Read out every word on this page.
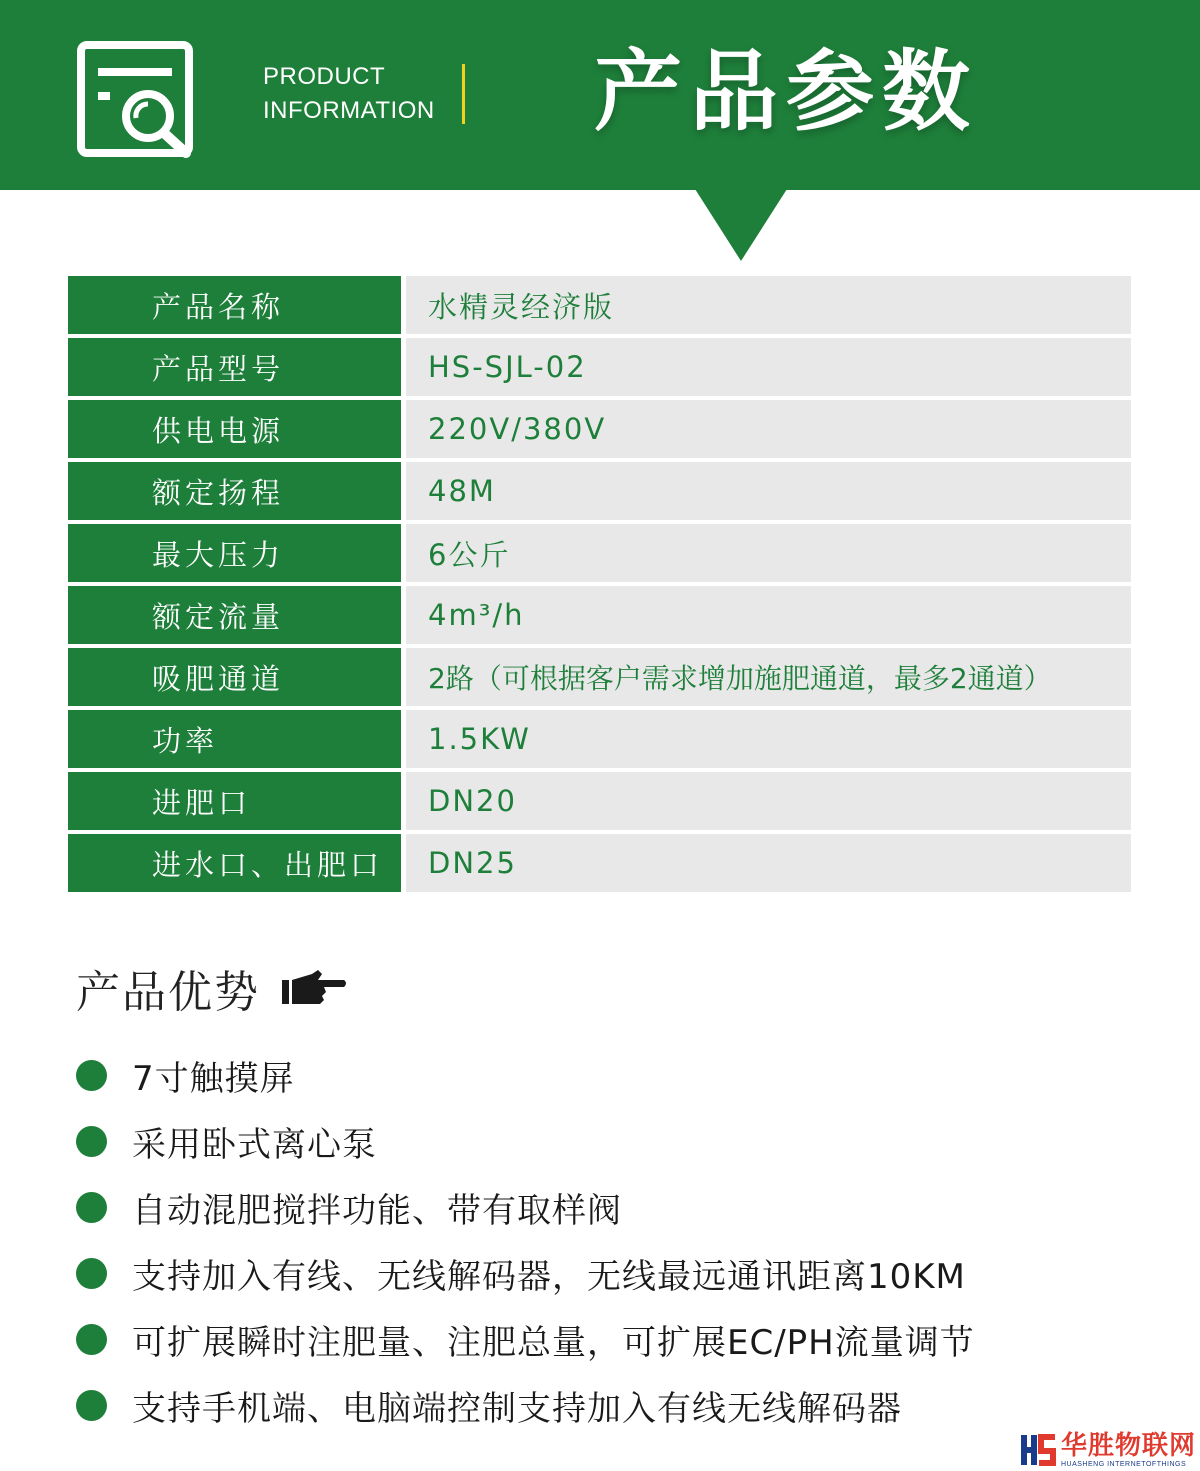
PRODUCT
INFORMATION 产品参数
产品名称	水精灵经济版
产品型号	HS-SJL-02
供电电源	220V/380V
额定扬程	48M
最大压力	6公斤
额定流量	4m³/h
吸肥通道	2路（可根据客户需求增加施肥通道，最多2通道）
功率	1.5KW
进肥口	DN20
进水口、出肥口	DN25
产品优势
7寸触摸屏
采用卧式离心泵
自动混肥搅拌功能、带有取样阀
支持加入有线、无线解码器，无线最远通讯距离10KM
可扩展瞬时注肥量、注肥总量，可扩展EC/PH流量调节
支持手机端、电脑端控制支持加入有线无线解码器
华胜物联网
HUASHENG INTERNETOFTHINGS
